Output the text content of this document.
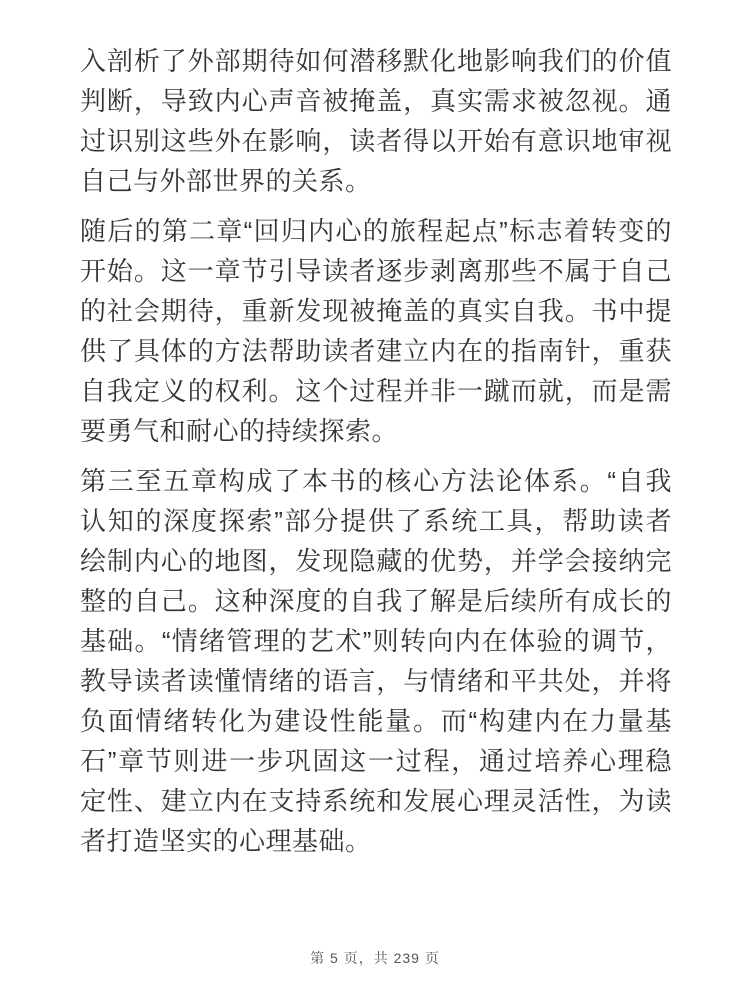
入剖析了外部期待如何潜移默化地影响我们的价值判断，导致内心声音被掩盖，真实需求被忽视。通过识别这些外在影响，读者得以开始有意识地审视自己与外部世界的关系。

随后的第二章“回归内心的旅程起点”标志着转变的开始。这一章节引导读者逐步剥离那些不属于自己的社会期待，重新发现被掩盖的真实自我。书中提供了具体的方法帮助读者建立内在的指南针，重获自我定义的权利。这个过程并非一蹴而就，而是需要勇气和耐心的持续探索。

第三至五章构成了本书的核心方法论体系。“自我认知的深度探索”部分提供了系统工具，帮助读者绘制内心的地图，发现隐藏的优势，并学会接纳完整的自己。这种深度的自我了解是后续所有成长的基础。“情绪管理的艺术”则转向内在体验的调节，教导读者读懂情绪的语言，与情绪和平共处，并将负面情绪转化为建设性能量。而“构建内在力量基石”章节则进一步巩固这一过程，通过培养心理稳定性、建立内在支持系统和发展心理灵活性，为读者打造坚实的心理基础。

第 5 页，共 239 页
